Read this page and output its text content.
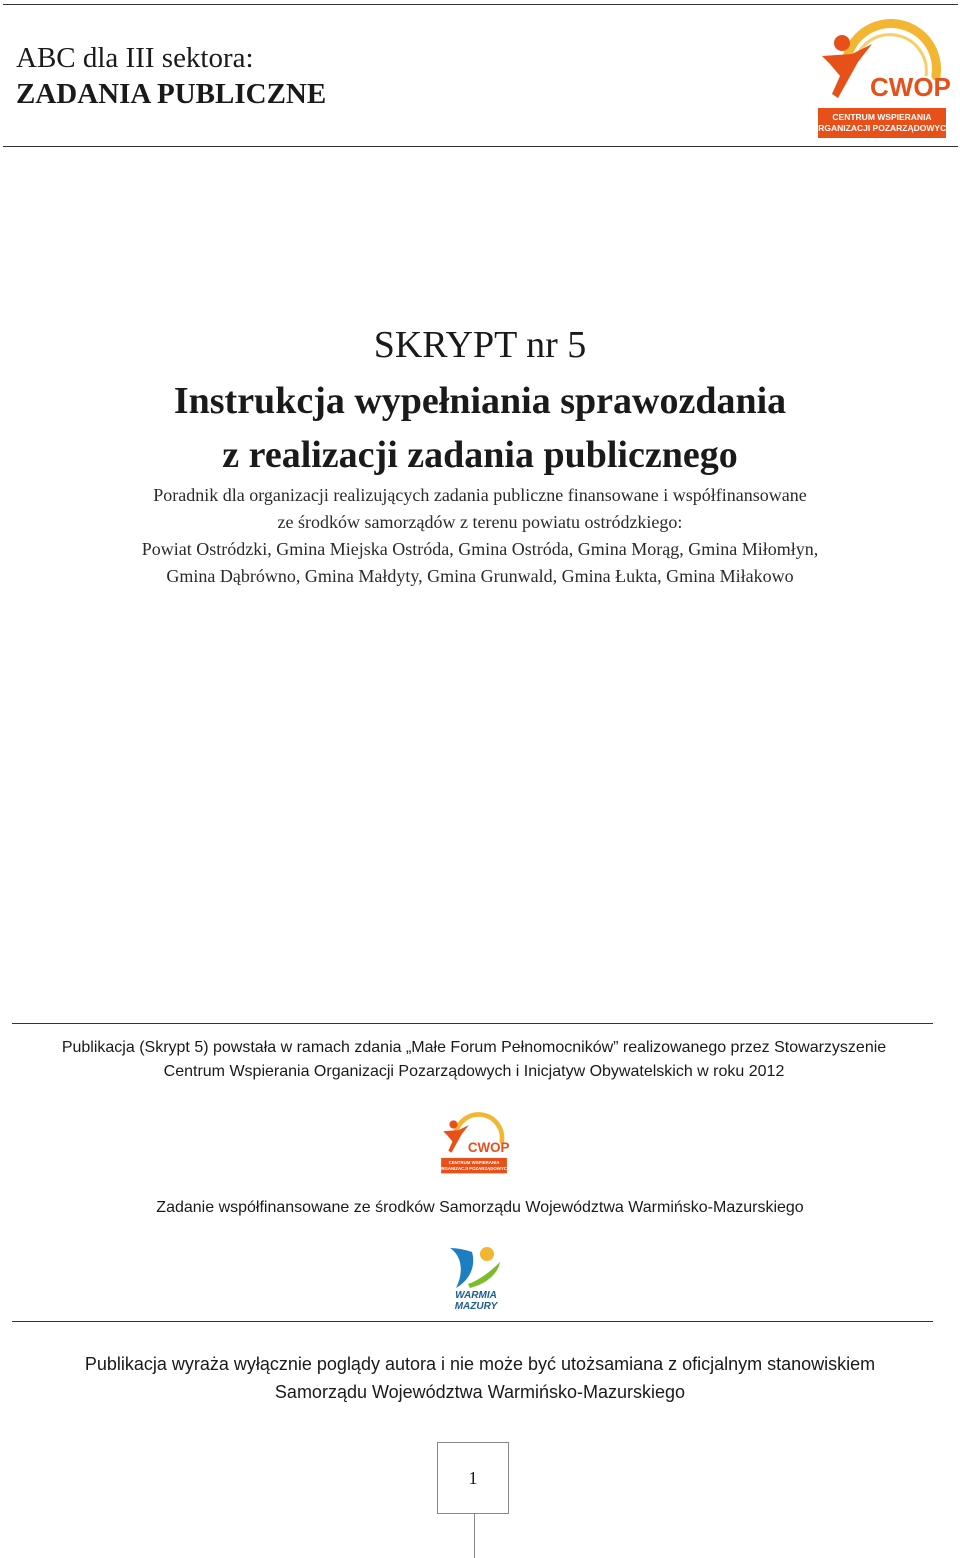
ABC dla III sektora:
ZADANIA PUBLICZNE	CWOP
CENTRUM WSPIERANIA
ORGANIZACJI POZARZĄDOWYCH
SKRYPT nr 5
Instrukcja wypełniania sprawozdania
z realizacji zadania publicznego
Poradnik dla organizacji realizujących zadania publiczne finansowane i współfinansowane
ze środków samorządów z terenu powiatu ostródzkiego:
Powiat Ostródzki, Gmina Miejska Ostróda, Gmina Ostróda, Gmina Morąg, Gmina Miłomłyn,
Gmina Dąbrówno, Gmina Małdyty, Gmina Grunwald, Gmina Łukta, Gmina Miłakowo
Publikacja (Skrypt 5) powstała w ramach zdania „Małe Forum Pełnomocników” realizowanego przez Stowarzyszenie
Centrum Wspierania Organizacji Pozarządowych i Inicjatyw Obywatelskich w roku 2012
CWOP
CENTRUM WSPIERANIA
ORGANIZACJI POZARZĄDOWYCH
Zadanie współfinansowane ze środków Samorządu Województwa Warmińsko-Mazurskiego
WARMIA
MAZURY
Publikacja wyraża wyłącznie poglądy autora i nie może być utożsamiana z oficjalnym stanowiskiem
Samorządu Województwa Warmińsko-Mazurskiego
1
